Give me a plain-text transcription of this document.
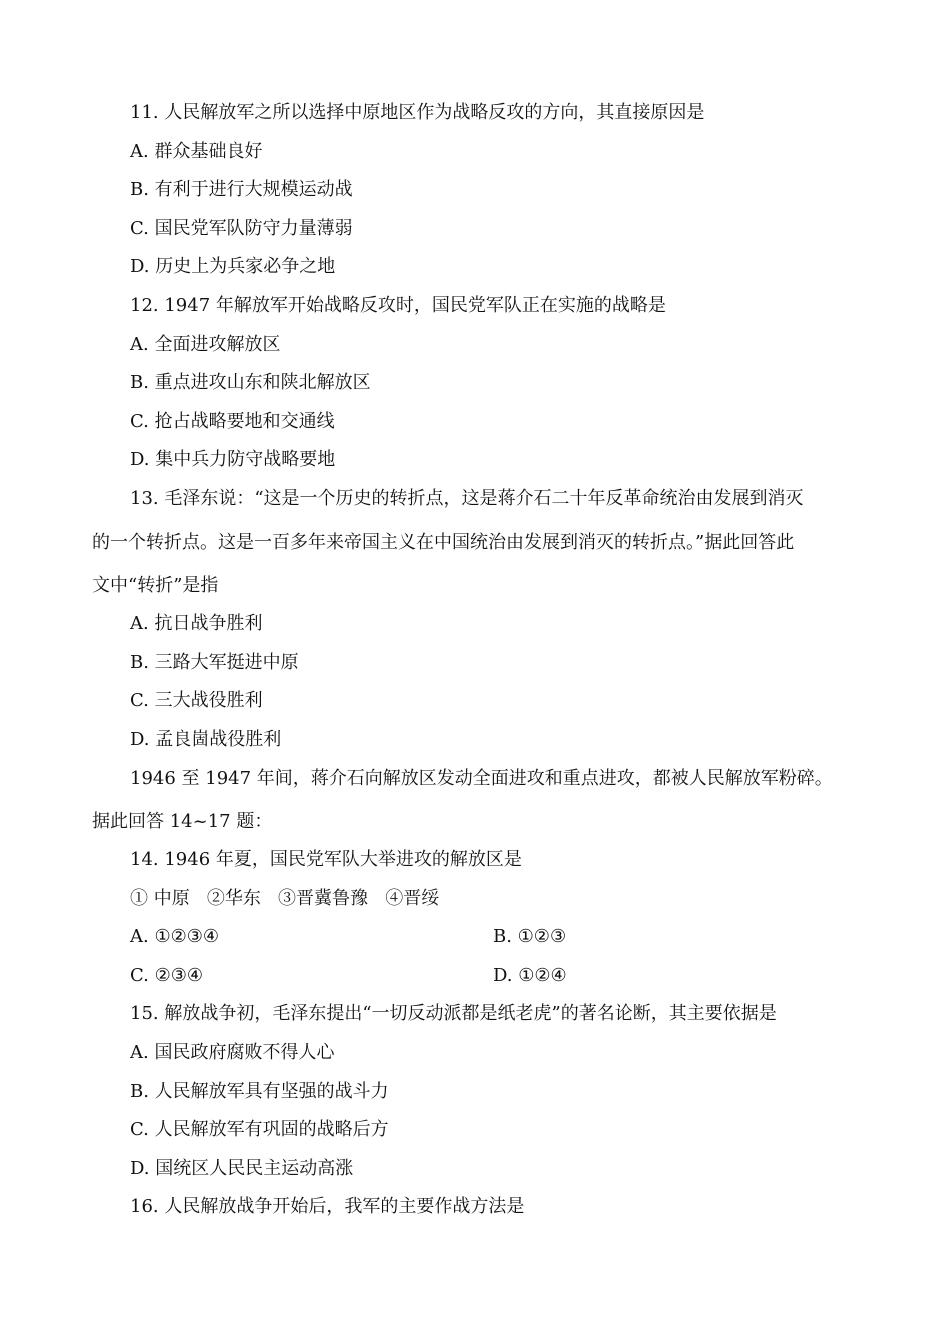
11. 人民解放军之所以选择中原地区作为战略反攻的方向，其直接原因是
A. 群众基础良好
B. 有利于进行大规模运动战
C. 国民党军队防守力量薄弱
D. 历史上为兵家必争之地
12. 1947 年解放军开始战略反攻时，国民党军队正在实施的战略是
A. 全面进攻解放区
B. 重点进攻山东和陕北解放区
C. 抢占战略要地和交通线
D. 集中兵力防守战略要地
13. 毛泽东说：“这是一个历史的转折点，这是蒋介石二十年反革命统治由发展到消灭
的一个转折点。这是一百多年来帝国主义在中国统治由发展到消灭的转折点。”据此回答此
文中“转折”是指
A. 抗日战争胜利
B. 三路大军挺进中原
C. 三大战役胜利
D. 孟良崮战役胜利
1946 至 1947 年间，蒋介石向解放区发动全面进攻和重点进攻，都被人民解放军粉碎。
据此回答 14~17 题：
14. 1946 年夏，国民党军队大举进攻的解放区是
① 中原   ②华东   ③晋冀鲁豫   ④晋绥
A. ①②③④	B. ①②③
C. ②③④	D. ①②④
15. 解放战争初，毛泽东提出“一切反动派都是纸老虎”的著名论断，其主要依据是
A. 国民政府腐败不得人心
B. 人民解放军具有坚强的战斗力
C. 人民解放军有巩固的战略后方
D. 国统区人民民主运动高涨
16. 人民解放战争开始后，我军的主要作战方法是
